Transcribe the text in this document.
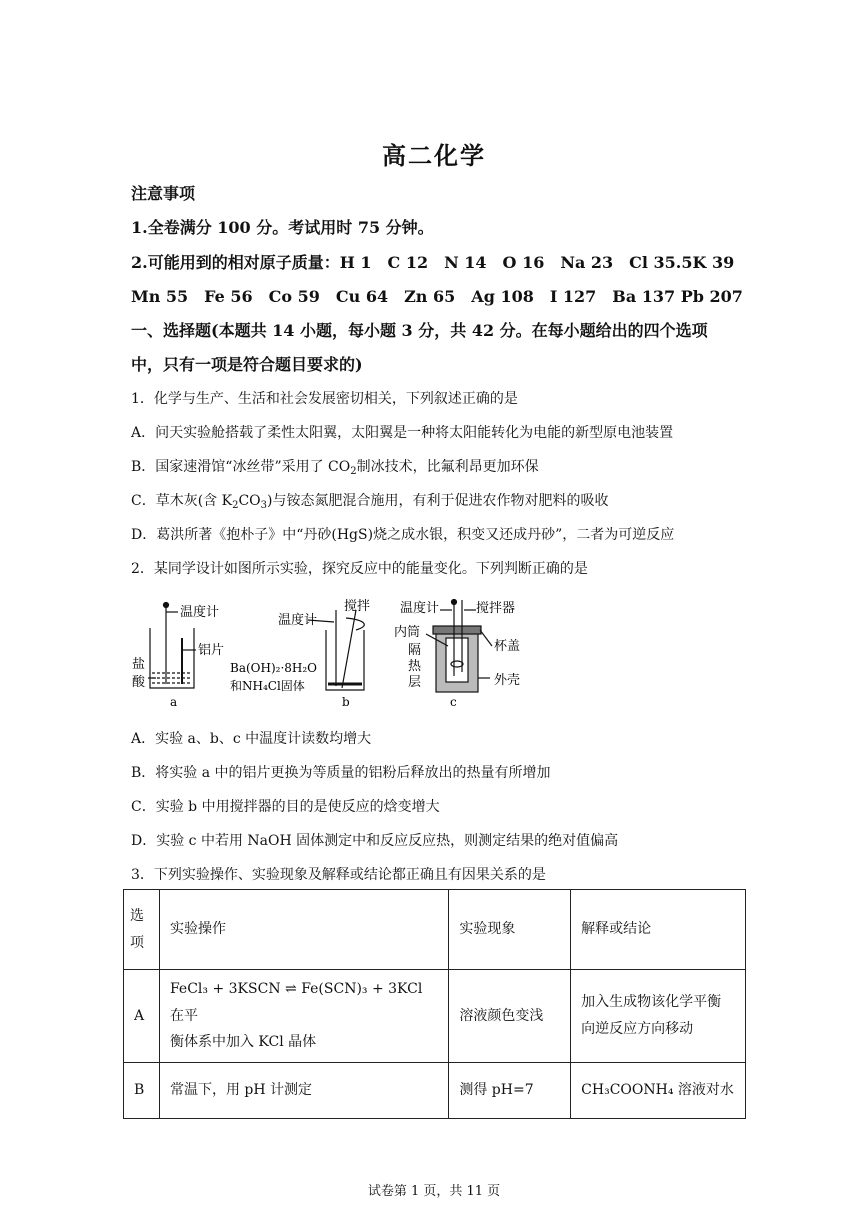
高二化学
注意事项
1.全卷满分 100 分。考试用时 75 分钟。
2.可能用到的相对原子质量：H 1　C 12　N 14　O 16　Na 23　Cl 35.5K 39
Mn 55　Fe 56　Co 59　Cu 64　Zn 65　Ag 108　I 127　Ba 137 Pb 207
一、选择题(本题共 14 小题，每小题 3 分，共 42 分。在每小题给出的四个选项
中，只有一项是符合题目要求的)
1．化学与生产、生活和社会发展密切相关，下列叙述正确的是
A．问天实验舱搭载了柔性太阳翼，太阳翼是一种将太阳能转化为电能的新型原电池装置
B．国家速滑馆“冰丝带”采用了 $CO_2$制冰技术，比氟利昂更加环保
C．草木灰(含 $K_2CO_3$)与铵态氮肥混合施用，有利于促进农作物对肥料的吸收
D．葛洪所著《抱朴子》中“丹砂(HgS)烧之成水银，积变又还成丹砂”，二者为可逆反应
2．某同学设计如图所示实验，探究反应中的能量变化。下列判断正确的是
温度计
铝片
盐
酸
a
搅拌
温度计
Ba(OH)₂·8H₂O
和NH₄Cl固体
b
温度计	搅拌器
内筒
杯盖
隔
热
层	外壳
c
A．实验 a、b、c 中温度计读数均增大
B．将实验 a 中的铝片更换为等质量的铝粉后释放出的热量有所增加
C．实验 b 中用搅拌器的目的是使反应的焓变增大
D．实验 c 中若用 NaOH 固体测定中和反应反应热，则测定结果的绝对值偏高
3．下列实验操作、实验现象及解释或结论都正确且有因果关系的是
选项	实验操作	实验现象	解释或结论
A	FeCl₃ + 3KSCN ⇌ Fe(SCN)₃ + 3KCl 在平
衡体系中加入 KCl 晶体	溶液颜色变浅	加入生成物该化学平衡向逆反应方向移动
B	常温下，用 pH 计测定	测得 pH=7	CH₃COONH₄ 溶液对水
试卷第 1 页，共 11 页
